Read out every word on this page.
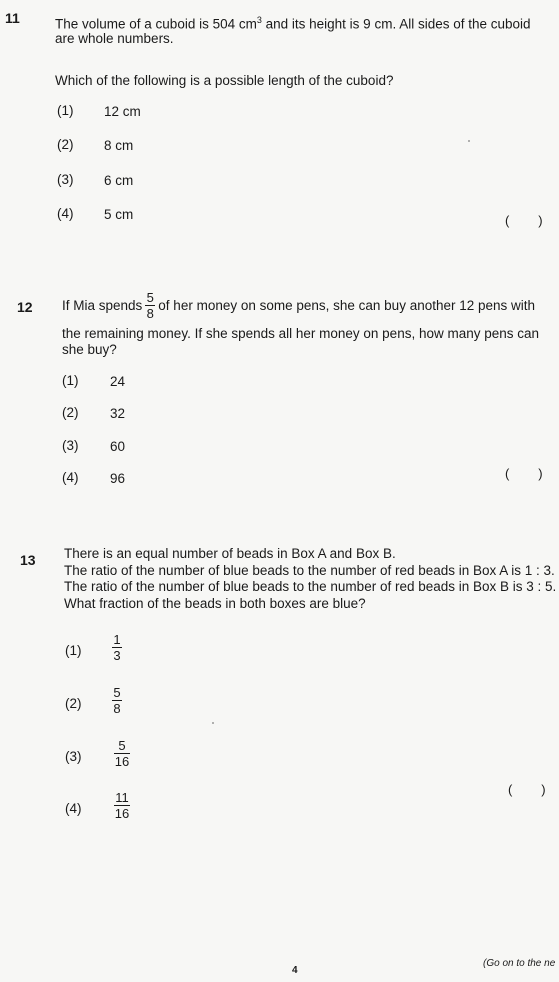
11	The volume of a cuboid is 504 $cm^3$ and its height is 9 cm. All sides of the cuboid
are whole numbers.
Which of the following is a possible length of the cuboid?
(1) 12 cm
(2) 8 cm
(3) 6 cm
(4) 5 cm	(        )
12 If Mia spends $\frac{5}{8}$ of her money on some pens, she can buy another 12 pens with
the remaining money. If she spends all her money on pens, how many pens can
she buy?
(1) 24
(2) 32
(3) 60
(4) 96	(        )
13 There is an equal number of beads in Box A and Box B.
The ratio of the number of blue beads to the number of red beads in Box A is 1 : 3.
The ratio of the number of blue beads to the number of red beads in Box B is 3 : 5.
What fraction of the beads in both boxes are blue?
$(1) \frac{1}{3}$
$(2) \frac{5}{8}$
(3)	$\frac{5}{16}$
(4)	$\frac{11}{16}$
(        )
4
(Go on to the ne
